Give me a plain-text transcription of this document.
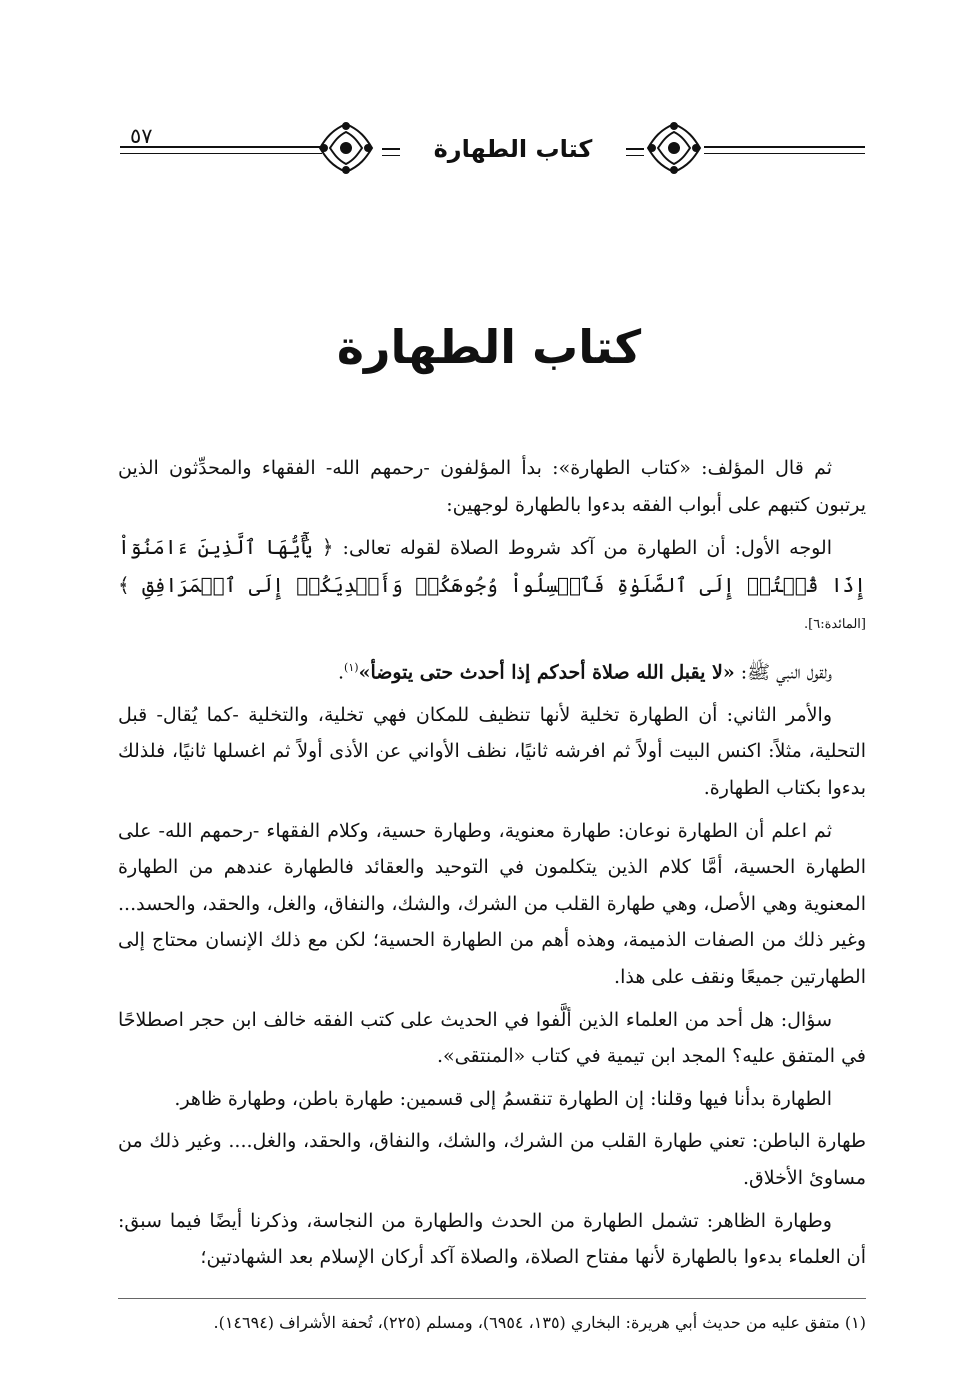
٥٧	كتاب الطهارة
كتاب الطهارة

ثم قال المؤلف: «كتاب الطهارة»: بدأ المؤلفون -رحمهم الله- الفقهاء والمحدِّثون الذين يرتبون كتبهم على أبواب الفقه بدءوا بالطهارة لوجهين:

الوجه الأول: أن الطهارة من آكد شروط الصلاة لقوله تعالى: ﴿ يَٰٓأَيُّهَا ٱلَّذِينَ ءَامَنُوٓاْ إِذَا قُمۡتُمۡ إِلَى ٱلصَّلَوٰةِ فَٱغۡسِلُواْ وُجُوهَكُمۡ وَأَيۡدِيَكُمۡ إِلَى ٱلۡمَرَافِقِ ﴾ [المائدة:٦].

ولقول النبي ﷺ: «لا يقبل الله صلاة أحدكم إذا أحدث حتى يتوضأ»$^{(١)}$.

والأمر الثاني: أن الطهارة تخلية لأنها تنظيف للمكان فهي تخلية، والتخلية -كما يُقال- قبل التحلية، مثلاً: اكنس البيت أولاً ثم افرشه ثانيًا، نظف الأواني عن الأذى أولاً ثم اغسلها ثانيًا، فلذلك بدءوا بكتاب الطهارة.

ثم اعلم أن الطهارة نوعان: طهارة معنوية، وطهارة حسية، وكلام الفقهاء -رحمهم الله- على الطهارة الحسية، أمَّا كلام الذين يتكلمون في التوحيد والعقائد فالطهارة عندهم من الطهارة المعنوية وهي الأصل، وهي طهارة القلب من الشرك، والشك، والنفاق، والغل، والحقد، والحسد... وغير ذلك من الصفات الذميمة، وهذه أهم من الطهارة الحسية؛ لكن مع ذلك الإنسان محتاج إلى الطهارتين جميعًا ونقف على هذا.

سؤال: هل أحد من العلماء الذين ألَّفوا في الحديث على كتب الفقه خالف ابن حجر اصطلاحًا في المتفق عليه؟ المجد ابن تيمية في كتاب «المنتقى».

الطهارة بدأنا فيها وقلنا: إن الطهارة تنقسمُ إلى قسمين: طهارة باطن، وطهارة ظاهر.

طهارة الباطن: تعني طهارة القلب من الشرك، والشك، والنفاق، والحقد، والغل.... وغير ذلك من مساوئ الأخلاق.

وطهارة الظاهر: تشمل الطهارة من الحدث والطهارة من النجاسة، وذكرنا أيضًا فيما سبق: أن العلماء بدءوا بالطهارة لأنها مفتاح الصلاة، والصلاة آكد أركان الإسلام بعد الشهادتين؛

(١) متفق عليه من حديث أبي هريرة: البخاري (١٣٥، ٦٩٥٤)، ومسلم (٢٢٥)، تُحفة الأشراف (١٤٦٩٤).
